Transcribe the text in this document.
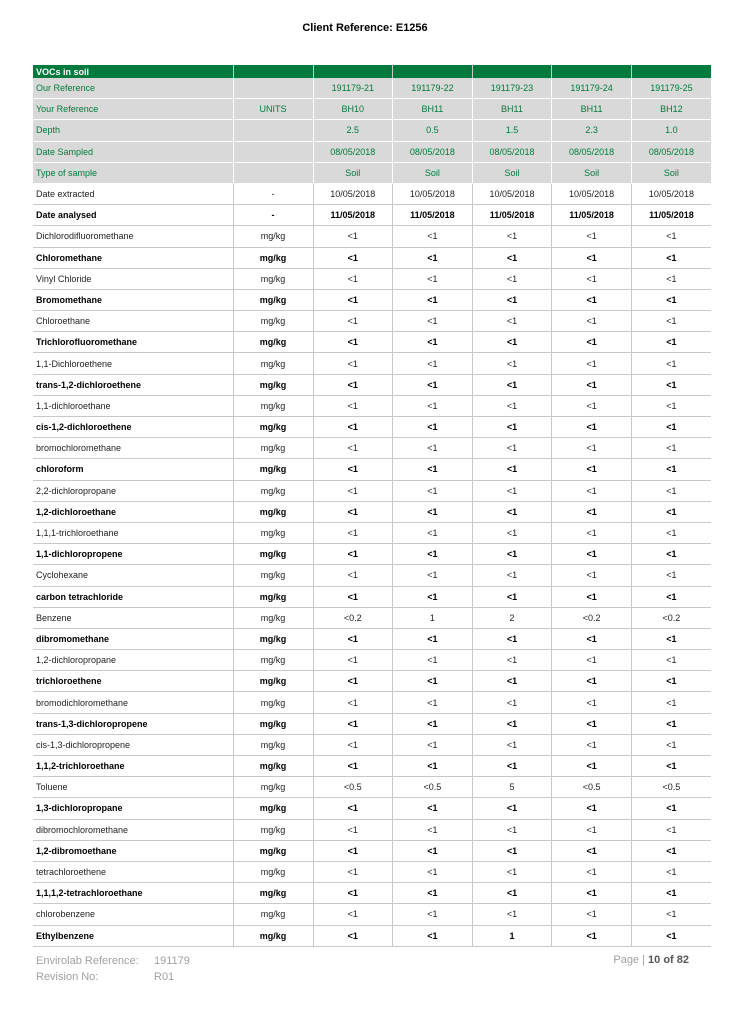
Client Reference: E1256
VOCs in soil						
Our Reference		191179-21	191179-22	191179-23	191179-24	191179-25
Your Reference	UNITS	BH10	BH11	BH11	BH11	BH12
Depth		2.5	0.5	1.5	2.3	1.0
Date Sampled		08/05/2018	08/05/2018	08/05/2018	08/05/2018	08/05/2018
Type of sample		Soil	Soil	Soil	Soil	Soil
Date extracted	-	10/05/2018	10/05/2018	10/05/2018	10/05/2018	10/05/2018
Date analysed	-	11/05/2018	11/05/2018	11/05/2018	11/05/2018	11/05/2018
Dichlorodifluoromethane	mg/kg	<1	<1	<1	<1	<1
Chloromethane	mg/kg	<1	<1	<1	<1	<1
Vinyl Chloride	mg/kg	<1	<1	<1	<1	<1
Bromomethane	mg/kg	<1	<1	<1	<1	<1
Chloroethane	mg/kg	<1	<1	<1	<1	<1
Trichlorofluoromethane	mg/kg	<1	<1	<1	<1	<1
1,1-Dichloroethene	mg/kg	<1	<1	<1	<1	<1
trans-1,2-dichloroethene	mg/kg	<1	<1	<1	<1	<1
1,1-dichloroethane	mg/kg	<1	<1	<1	<1	<1
cis-1,2-dichloroethene	mg/kg	<1	<1	<1	<1	<1
bromochloromethane	mg/kg	<1	<1	<1	<1	<1
chloroform	mg/kg	<1	<1	<1	<1	<1
2,2-dichloropropane	mg/kg	<1	<1	<1	<1	<1
1,2-dichloroethane	mg/kg	<1	<1	<1	<1	<1
1,1,1-trichloroethane	mg/kg	<1	<1	<1	<1	<1
1,1-dichloropropene	mg/kg	<1	<1	<1	<1	<1
Cyclohexane	mg/kg	<1	<1	<1	<1	<1
carbon tetrachloride	mg/kg	<1	<1	<1	<1	<1
Benzene	mg/kg	<0.2	1	2	<0.2	<0.2
dibromomethane	mg/kg	<1	<1	<1	<1	<1
1,2-dichloropropane	mg/kg	<1	<1	<1	<1	<1
trichloroethene	mg/kg	<1	<1	<1	<1	<1
bromodichloromethane	mg/kg	<1	<1	<1	<1	<1
trans-1,3-dichloropropene	mg/kg	<1	<1	<1	<1	<1
cis-1,3-dichloropropene	mg/kg	<1	<1	<1	<1	<1
1,1,2-trichloroethane	mg/kg	<1	<1	<1	<1	<1
Toluene	mg/kg	<0.5	<0.5	5	<0.5	<0.5
1,3-dichloropropane	mg/kg	<1	<1	<1	<1	<1
dibromochloromethane	mg/kg	<1	<1	<1	<1	<1
1,2-dibromoethane	mg/kg	<1	<1	<1	<1	<1
tetrachloroethene	mg/kg	<1	<1	<1	<1	<1
1,1,1,2-tetrachloroethane	mg/kg	<1	<1	<1	<1	<1
chlorobenzene	mg/kg	<1	<1	<1	<1	<1
Ethylbenzene	mg/kg	<1	<1	1	<1	<1
Envirolab Reference: 191179
Revision No:	R01
Page | 10 of 82
